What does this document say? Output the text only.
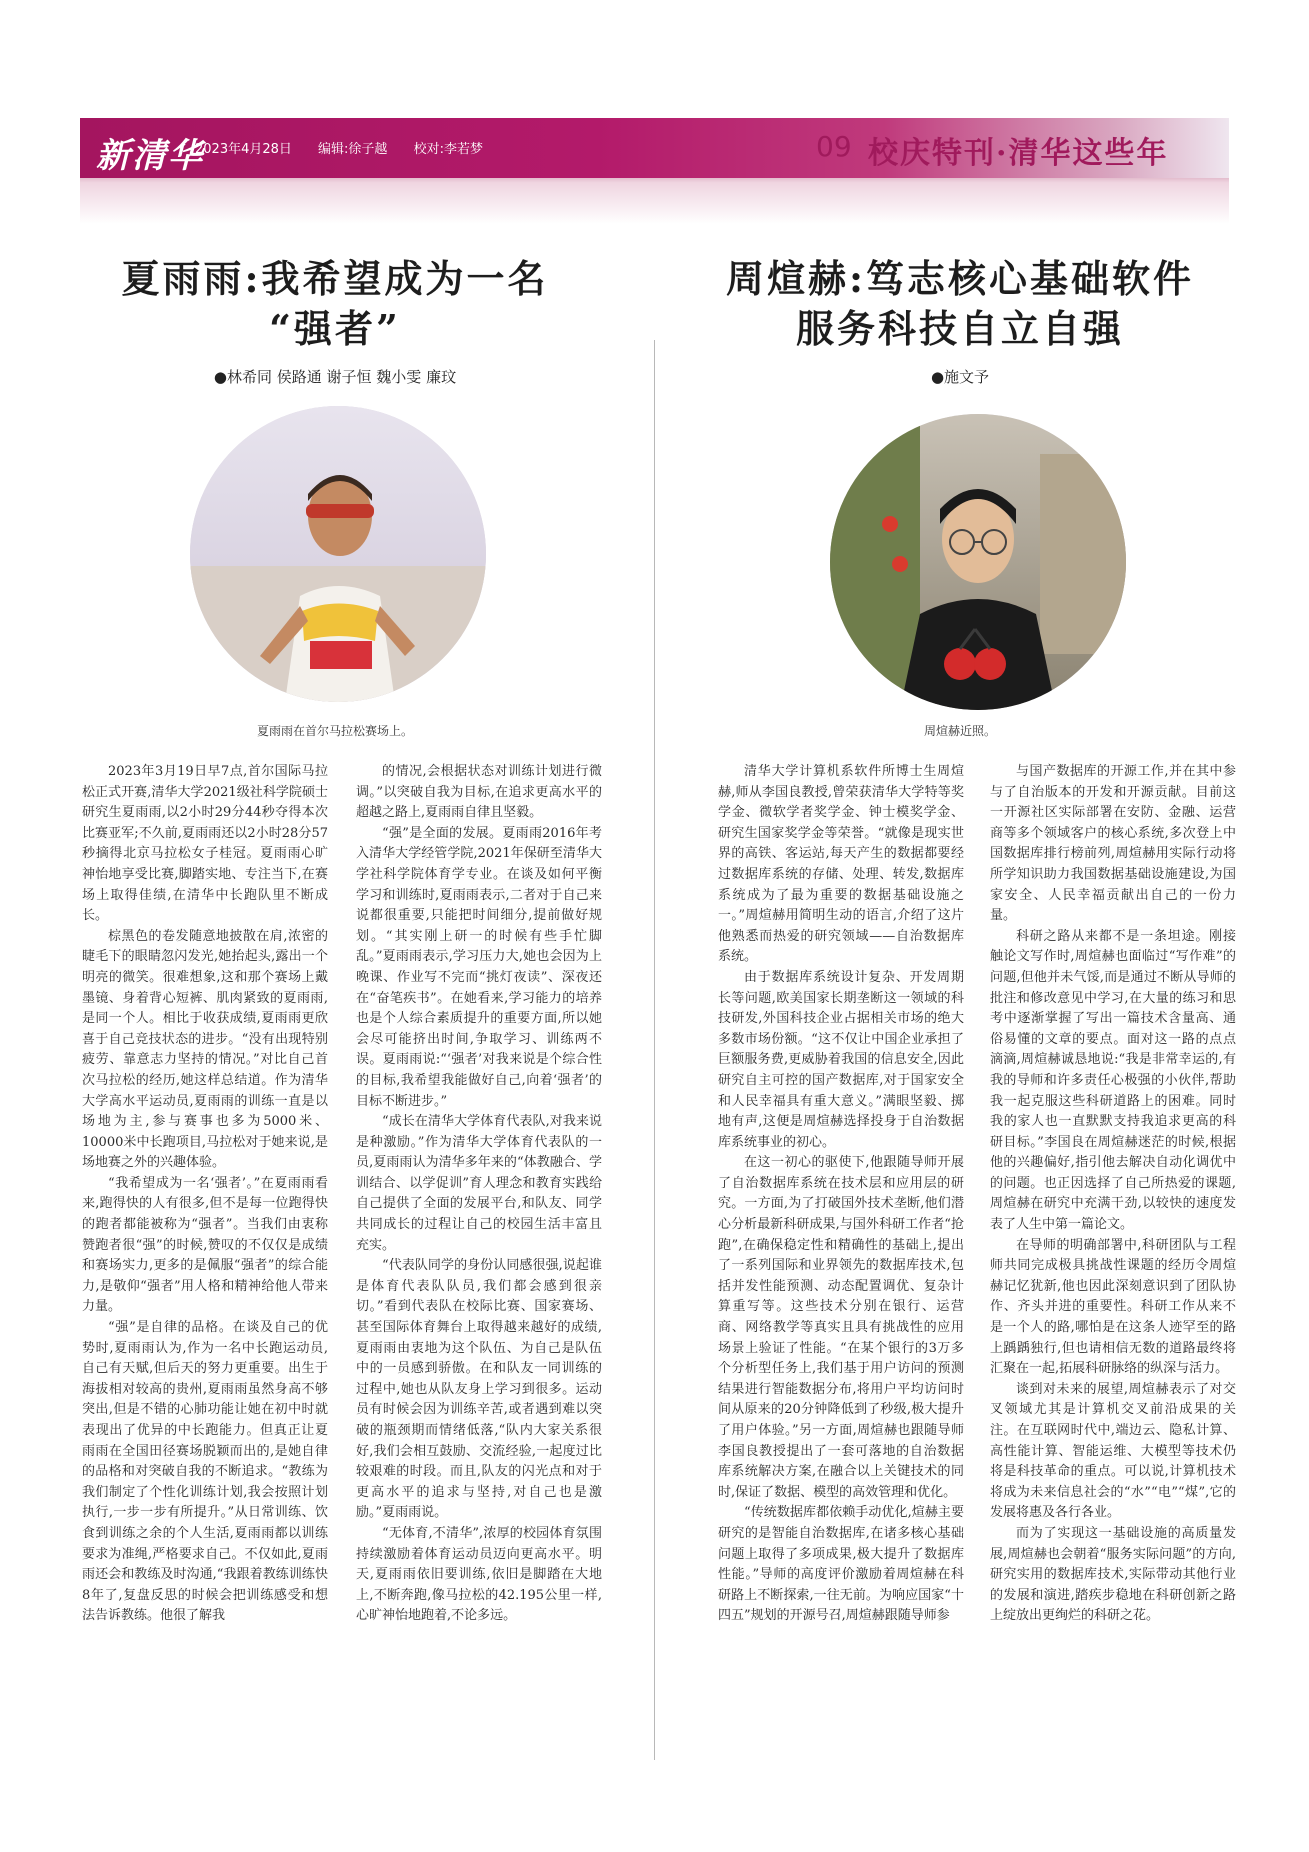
新清华
2023年4月28日 编辑:徐子越 校对:李若梦	09 校庆特刊·清华这些年
夏雨雨:我希望成为一名
“强者”
●林希同 侯路通 谢子恒 魏小雯 廉玟
夏雨雨在首尔马拉松赛场上。

2023年3月19日早7点,首尔国际马拉松正式开赛,清华大学2021级社科学院硕士研究生夏雨雨,以2小时29分44秒夺得本次比赛亚军;不久前,夏雨雨还以2小时28分57秒摘得北京马拉松女子桂冠。夏雨雨心旷神怡地享受比赛,脚踏实地、专注当下,在赛场上取得佳绩,在清华中长跑队里不断成长。

棕黑色的卷发随意地披散在肩,浓密的睫毛下的眼睛忽闪发光,她抬起头,露出一个明亮的微笑。很难想象,这和那个赛场上戴墨镜、身着背心短裤、肌肉紧致的夏雨雨,是同一个人。相比于收获成绩,夏雨雨更欣喜于自己竞技状态的进步。“没有出现特别疲劳、靠意志力坚持的情况。”对比自己首次马拉松的经历,她这样总结道。作为清华大学高水平运动员,夏雨雨的训练一直是以场地为主,参与赛事也多为5000米、10000米中长跑项目,马拉松对于她来说,是场地赛之外的兴趣体验。

“我希望成为一名‘强者’。”在夏雨雨看来,跑得快的人有很多,但不是每一位跑得快的跑者都能被称为“强者”。当我们由衷称赞跑者很“强”的时候,赞叹的不仅仅是成绩和赛场实力,更多的是佩服“强者”的综合能力,是敬仰“强者”用人格和精神给他人带来力量。

“强”是自律的品格。在谈及自己的优势时,夏雨雨认为,作为一名中长跑运动员,自己有天赋,但后天的努力更重要。出生于海拔相对较高的贵州,夏雨雨虽然身高不够突出,但是不错的心肺功能让她在初中时就表现出了优异的中长跑能力。但真正让夏雨雨在全国田径赛场脱颖而出的,是她自律的品格和对突破自我的不断追求。“教练为我们制定了个性化训练计划,我会按照计划执行,一步一步有所提升。”从日常训练、饮食到训练之余的个人生活,夏雨雨都以训练要求为准绳,严格要求自己。不仅如此,夏雨雨还会和教练及时沟通,“我跟着教练训练快8年了,复盘反思的时候会把训练感受和想法告诉教练。他很了解我

的情况,会根据状态对训练计划进行微调。”以突破自我为目标,在追求更高水平的超越之路上,夏雨雨自律且坚毅。

“强”是全面的发展。夏雨雨2016年考入清华大学经管学院,2021年保研至清华大学社科学院体育学专业。在谈及如何平衡学习和训练时,夏雨雨表示,二者对于自己来说都很重要,只能把时间细分,提前做好规划。“其实刚上研一的时候有些手忙脚乱。”夏雨雨表示,学习压力大,她也会因为上晚课、作业写不完而“挑灯夜读”、深夜还在“奋笔疾书”。在她看来,学习能力的培养也是个人综合素质提升的重要方面,所以她会尽可能挤出时间,争取学习、训练两不误。夏雨雨说:“‘强者’对我来说是个综合性的目标,我希望我能做好自己,向着‘强者’的目标不断进步。”

“成长在清华大学体育代表队,对我来说是种激励。”作为清华大学体育代表队的一员,夏雨雨认为清华多年来的“体教融合、学训结合、以学促训”育人理念和教育实践给自己提供了全面的发展平台,和队友、同学共同成长的过程让自己的校园生活丰富且充实。

“代表队同学的身份认同感很强,说起谁是体育代表队队员,我们都会感到很亲切。”看到代表队在校际比赛、国家赛场、甚至国际体育舞台上取得越来越好的成绩,夏雨雨由衷地为这个队伍、为自己是队伍中的一员感到骄傲。在和队友一同训练的过程中,她也从队友身上学习到很多。运动员有时候会因为训练辛苦,或者遇到难以突破的瓶颈期而情绪低落,“队内大家关系很好,我们会相互鼓励、交流经验,一起度过比较艰难的时段。而且,队友的闪光点和对于更高水平的追求与坚持,对自己也是激励。”夏雨雨说。

“无体育,不清华”,浓厚的校园体育氛围持续激励着体育运动员迈向更高水平。明天,夏雨雨依旧要训练,依旧是脚踏在大地上,不断奔跑,像马拉松的42.195公里一样,心旷神怡地跑着,不论多远。

周煊赫:笃志核心基础软件
服务科技自立自强
●施文予
周煊赫近照。

清华大学计算机系软件所博士生周煊赫,师从李国良教授,曾荣获清华大学特等奖学金、微软学者奖学金、钟士模奖学金、研究生国家奖学金等荣誉。“就像是现实世界的高铁、客运站,每天产生的数据都要经过数据库系统的存储、处理、转发,数据库系统成为了最为重要的数据基础设施之一。”周煊赫用简明生动的语言,介绍了这片他熟悉而热爱的研究领域——自治数据库系统。

由于数据库系统设计复杂、开发周期长等问题,欧美国家长期垄断这一领域的科技研发,外国科技企业占据相关市场的绝大多数市场份额。“这不仅让中国企业承担了巨额服务费,更威胁着我国的信息安全,因此研究自主可控的国产数据库,对于国家安全和人民幸福具有重大意义。”满眼坚毅、掷地有声,这便是周煊赫选择投身于自治数据库系统事业的初心。

在这一初心的驱使下,他跟随导师开展了自治数据库系统在技术层和应用层的研究。一方面,为了打破国外技术垄断,他们潜心分析最新科研成果,与国外科研工作者“抢跑”,在确保稳定性和精确性的基础上,提出了一系列国际和业界领先的数据库技术,包括并发性能预测、动态配置调优、复杂计算重写等。这些技术分别在银行、运营商、网络教学等真实且具有挑战性的应用场景上验证了性能。“在某个银行的3万多个分析型任务上,我们基于用户访问的预测结果进行智能数据分布,将用户平均访问时间从原来的20分钟降低到了秒级,极大提升了用户体验。”另一方面,周煊赫也跟随导师李国良教授提出了一套可落地的自治数据库系统解决方案,在融合以上关键技术的同时,保证了数据、模型的高效管理和优化。

“传统数据库都依赖手动优化,煊赫主要研究的是智能自治数据库,在诸多核心基础问题上取得了多项成果,极大提升了数据库性能。”导师的高度评价激励着周煊赫在科研路上不断探索,一往无前。为响应国家“十四五”规划的开源号召,周煊赫跟随导师参

与国产数据库的开源工作,并在其中参与了自治版本的开发和开源贡献。目前这一开源社区实际部署在安防、金融、运营商等多个领域客户的核心系统,多次登上中国数据库排行榜前列,周煊赫用实际行动将所学知识助力我国数据基础设施建设,为国家安全、人民幸福贡献出自己的一份力量。

科研之路从来都不是一条坦途。刚接触论文写作时,周煊赫也面临过“写作难”的问题,但他并未气馁,而是通过不断从导师的批注和修改意见中学习,在大量的练习和思考中逐渐掌握了写出一篇技术含量高、通俗易懂的文章的要点。面对这一路的点点滴滴,周煊赫诚恳地说:“我是非常幸运的,有我的导师和许多责任心极强的小伙伴,帮助我一起克服这些科研道路上的困难。同时我的家人也一直默默支持我追求更高的科研目标。”李国良在周煊赫迷茫的时候,根据他的兴趣偏好,指引他去解决自动化调优中的问题。也正因选择了自己所热爱的课题,周煊赫在研究中充满干劲,以较快的速度发表了人生中第一篇论文。

在导师的明确部署中,科研团队与工程师共同完成极具挑战性课题的经历令周煊赫记忆犹新,他也因此深刻意识到了团队协作、齐头并进的重要性。科研工作从来不是一个人的路,哪怕是在这条人迹罕至的路上踽踽独行,但也请相信无数的道路最终将汇聚在一起,拓展科研脉络的纵深与活力。

谈到对未来的展望,周煊赫表示了对交叉领域尤其是计算机交叉前沿成果的关注。在互联网时代中,端边云、隐私计算、高性能计算、智能运维、大模型等技术仍将是科技革命的重点。可以说,计算机技术将成为未来信息社会的“水”“电”“煤”,它的发展将惠及各行各业。

而为了实现这一基础设施的高质量发展,周煊赫也会朝着“服务实际问题”的方向,研究实用的数据库技术,实际带动其他行业的发展和演进,踏疾步稳地在科研创新之路上绽放出更绚烂的科研之花。
